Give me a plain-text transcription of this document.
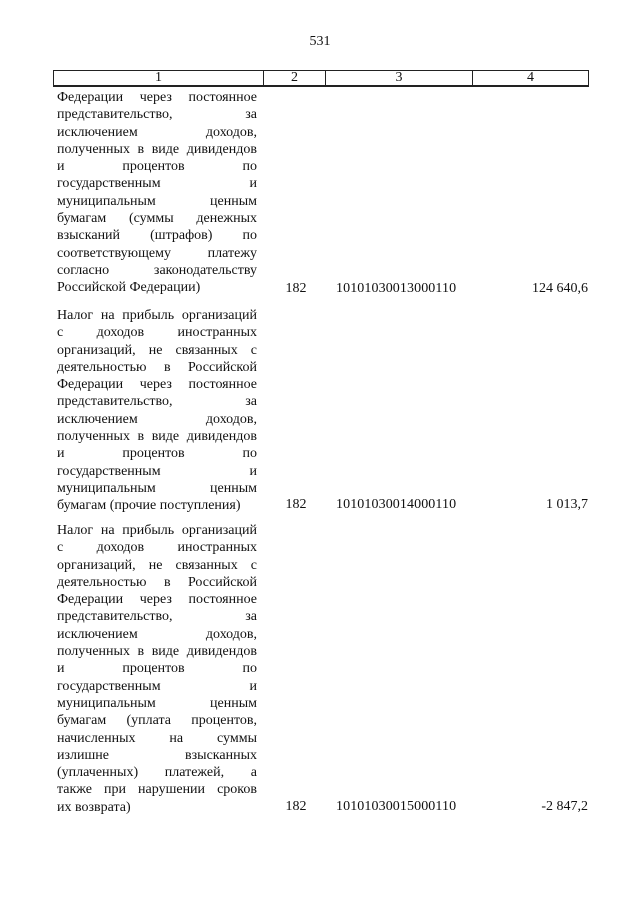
531
1	2	3	4
Федерации через постоянное
представительство, за
исключением доходов,
полученных в виде дивидендов
и процентов по
государственным и
муниципальным ценным
бумагам (суммы денежных
взысканий (штрафов) по
соответствующему платежу
согласно законодательству
Российской Федерации)	182 10101030013000110	124 640,6
Налог на прибыль организаций
с доходов иностранных
организаций, не связанных с
деятельностью в Российской
Федерации через постоянное
представительство, за
исключением доходов,
полученных в виде дивидендов
и процентов по
государственным и
муниципальным ценным
бумагам (прочие поступления)	182 10101030014000110	1 013,7
Налог на прибыль организаций
с доходов иностранных
организаций, не связанных с
деятельностью в Российской
Федерации через постоянное
представительство, за
исключением доходов,
полученных в виде дивидендов
и процентов по
государственным и
муниципальным ценным
бумагам (уплата процентов,
начисленных на суммы
излишне взысканных
(уплаченных) платежей, а
также при нарушении сроков
их возврата)	182 10101030015000110	-2 847,2
